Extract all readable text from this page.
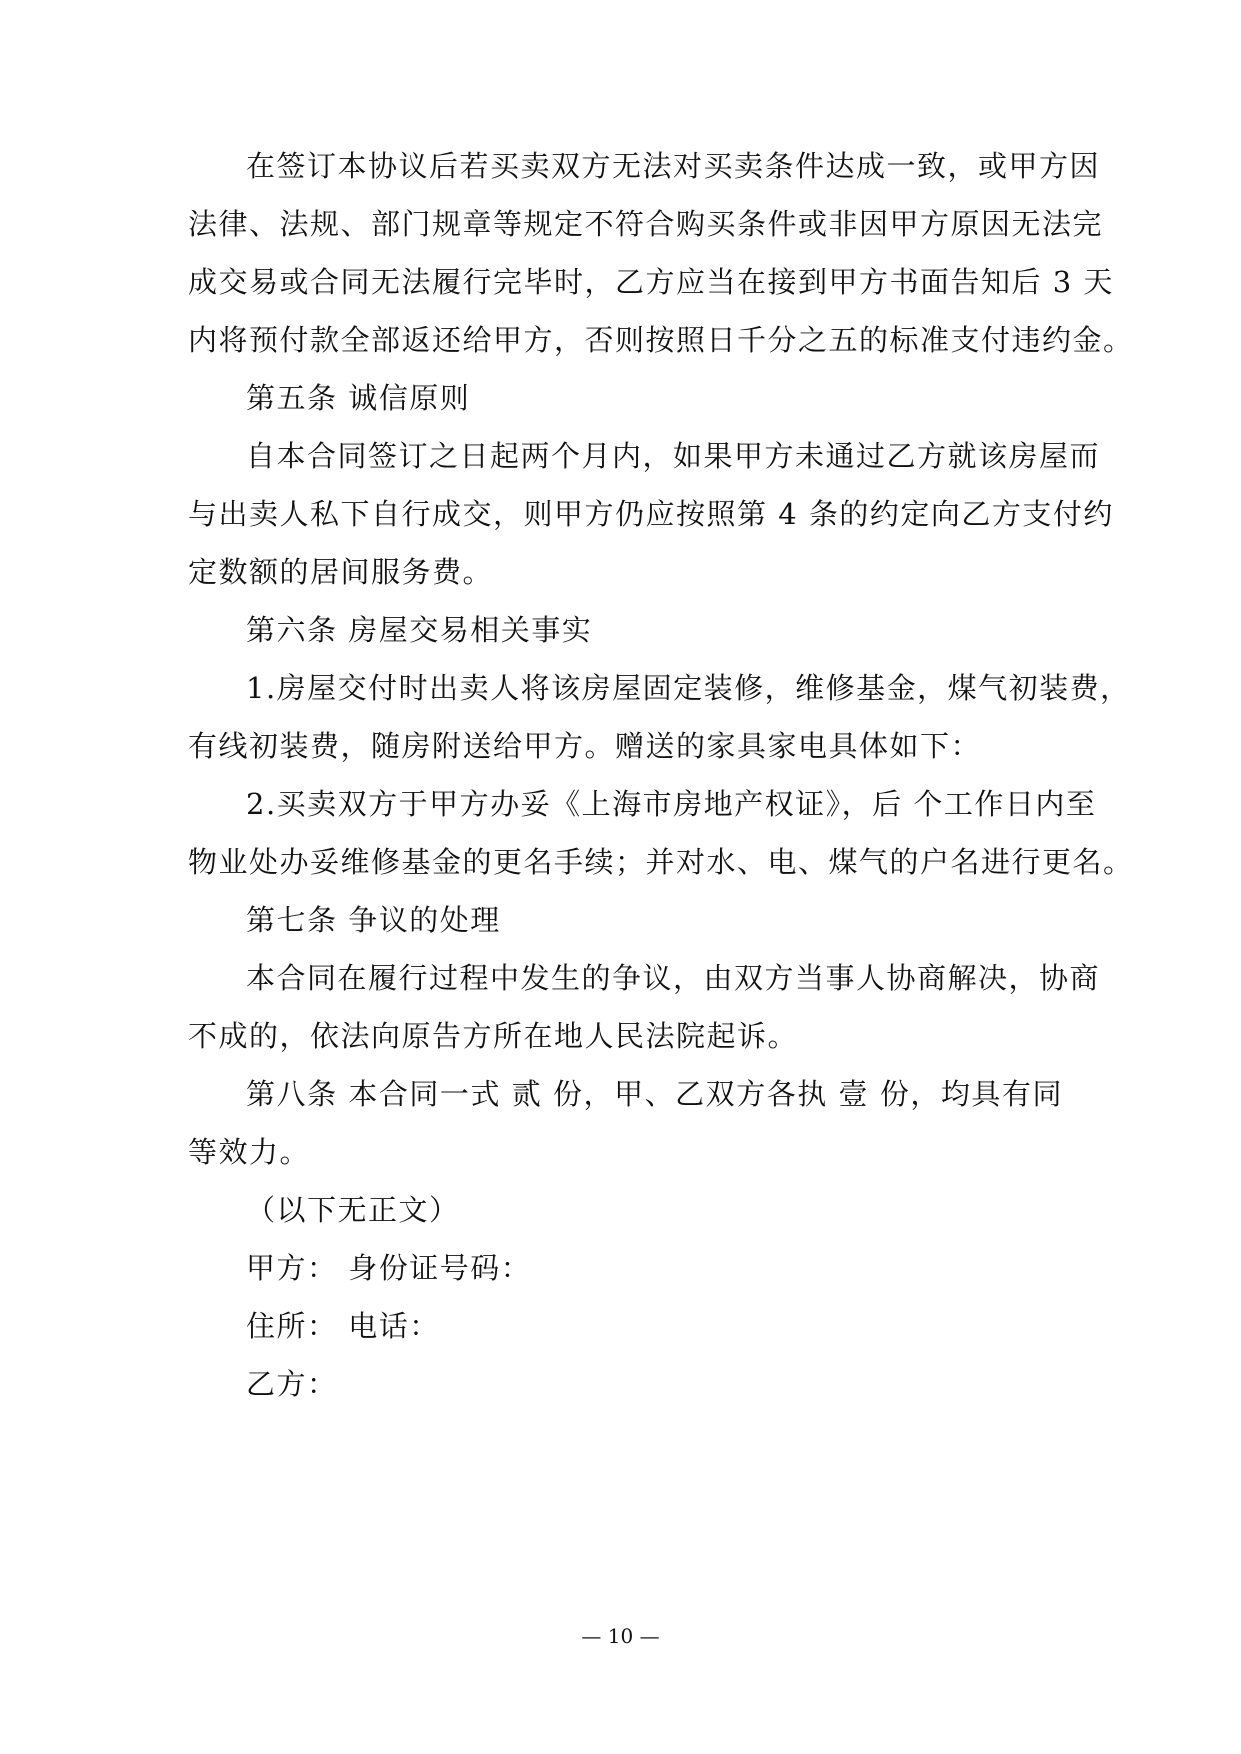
在签订本协议后若买卖双方无法对买卖条件达成一致，或甲方因
法律、法规、部门规章等规定不符合购买条件或非因甲方原因无法完
成交易或合同无法履行完毕时，乙方应当在接到甲方书面告知后 3 天
内将预付款全部返还给甲方，否则按照日千分之五的标准支付违约金。
第五条 诚信原则
自本合同签订之日起两个月内，如果甲方未通过乙方就该房屋而
与出卖人私下自行成交，则甲方仍应按照第 4 条的约定向乙方支付约
定数额的居间服务费。
第六条 房屋交易相关事实
1.房屋交付时出卖人将该房屋固定装修，维修基金，煤气初装费，
有线初装费，随房附送给甲方。赠送的家具家电具体如下：
2.买卖双方于甲方办妥《上海市房地产权证》，后 个工作日内至
物业处办妥维修基金的更名手续；并对水、电、煤气的户名进行更名。
第七条 争议的处理
本合同在履行过程中发生的争议，由双方当事人协商解决，协商
不成的，依法向原告方所在地人民法院起诉。
第八条 本合同一式 贰 份，甲、乙双方各执 壹 份，均具有同
等效力。
（以下无正文）
甲方： 身份证号码：
住所： 电话：
乙方：
— 10 —
